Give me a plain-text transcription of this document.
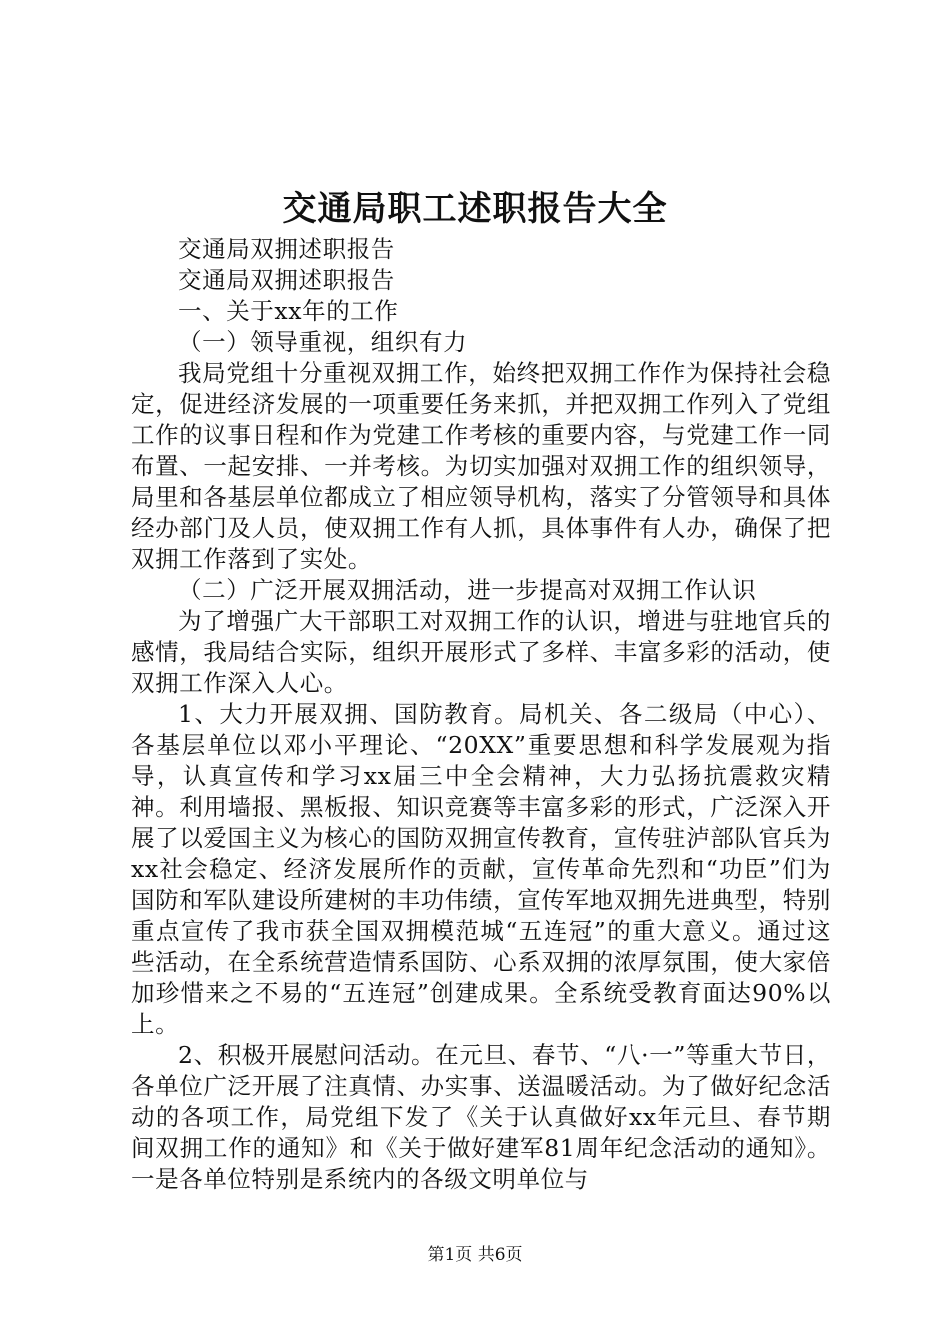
交通局职工述职报告大全

交通局双拥述职报告

交通局双拥述职报告

一、关于xx年的工作

（一）领导重视，组织有力

我局党组十分重视双拥工作，始终把双拥工作作为保持社会稳定，促进经济发展的一项重要任务来抓，并把双拥工作列入了党组工作的议事日程和作为党建工作考核的重要内容，与党建工作一同布置、一起安排、一并考核。为切实加强对双拥工作的组织领导，局里和各基层单位都成立了相应领导机构，落实了分管领导和具体经办部门及人员，使双拥工作有人抓，具体事件有人办，确保了把双拥工作落到了实处。

（二）广泛开展双拥活动，进一步提高对双拥工作认识

为了增强广大干部职工对双拥工作的认识，增进与驻地官兵的感情，我局结合实际，组织开展形式了多样、丰富多彩的活动，使双拥工作深入人心。

1、大力开展双拥、国防教育。局机关、各二级局（中心）、各基层单位以邓小平理论、“20XX”重要思想和科学发展观为指导，认真宣传和学习xx届三中全会精神，大力弘扬抗震救灾精神。利用墙报、黑板报、知识竞赛等丰富多彩的形式，广泛深入开展了以爱国主义为核心的国防双拥宣传教育，宣传驻泸部队官兵为xx社会稳定、经济发展所作的贡献，宣传革命先烈和“功臣”们为国防和军队建设所建树的丰功伟绩，宣传军地双拥先进典型，特别重点宣传了我市获全国双拥模范城“五连冠”的重大意义。通过这些活动，在全系统营造情系国防、心系双拥的浓厚氛围，使大家倍加珍惜来之不易的“五连冠”创建成果。全系统受教育面达90%以上。

2、积极开展慰问活动。在元旦、春节、“八·一”等重大节日，各单位广泛开展了注真情、办实事、送温暖活动。为了做好纪念活动的各项工作，局党组下发了《关于认真做好xx年元旦、春节期间双拥工作的通知》和《关于做好建军81周年纪念活动的通知》。一是各单位特别是系统内的各级文明单位与

第1页 共6页
